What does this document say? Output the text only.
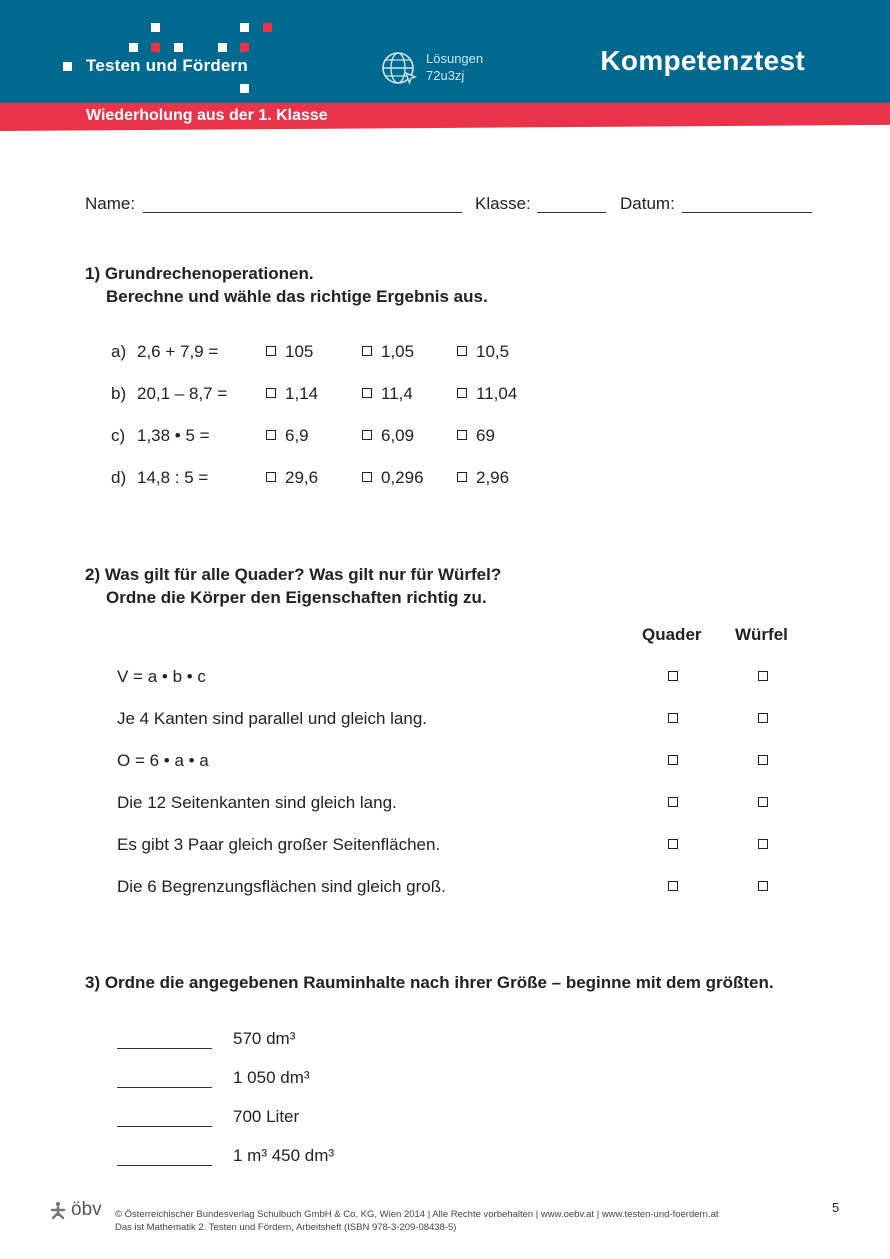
Testen und Fördern	Lösungen
72u3zj	Kompetenztest
Wiederholung aus der 1. Klasse
Name:	Klasse:	Datum:
1) Grundrechenoperationen.
Berechne und wähle das richtige Ergebnis aus.
a) 2,6 + 7,9 =	105	1,05	10,5
b) 20,1 – 8,7 =	1,14	11,4	11,04
c) 1,38 • 5 =	6,9	6,09	69
d) 14,8 : 5 =	29,6	0,296	2,96
2) Was gilt für alle Quader? Was gilt nur für Würfel?
Ordne die Körper den Eigenschaften richtig zu.
Quader Würfel
V = a • b • c
Je 4 Kanten sind parallel und gleich lang.
O = 6 • a • a
Die 12 Seitenkanten sind gleich lang.
Es gibt 3 Paar gleich großer Seitenflächen.
Die 6 Begrenzungsflächen sind gleich groß.
3) Ordne die angegebenen Rauminhalte nach ihrer Größe – beginne mit dem größten.
570 dm³
1 050 dm³
700 Liter
1 m³ 450 dm³
öbv © Österreichischer Bundesverlag Schulbuch GmbH & Co. KG, Wien 2014 | Alle Rechte vorbehalten | www.oebv.at | www.testen-und-foerdern.at
Das ist Mathematik 2. Testen und Fördern, Arbeitsheft (ISBN 978-3-209-08438-5)
5
